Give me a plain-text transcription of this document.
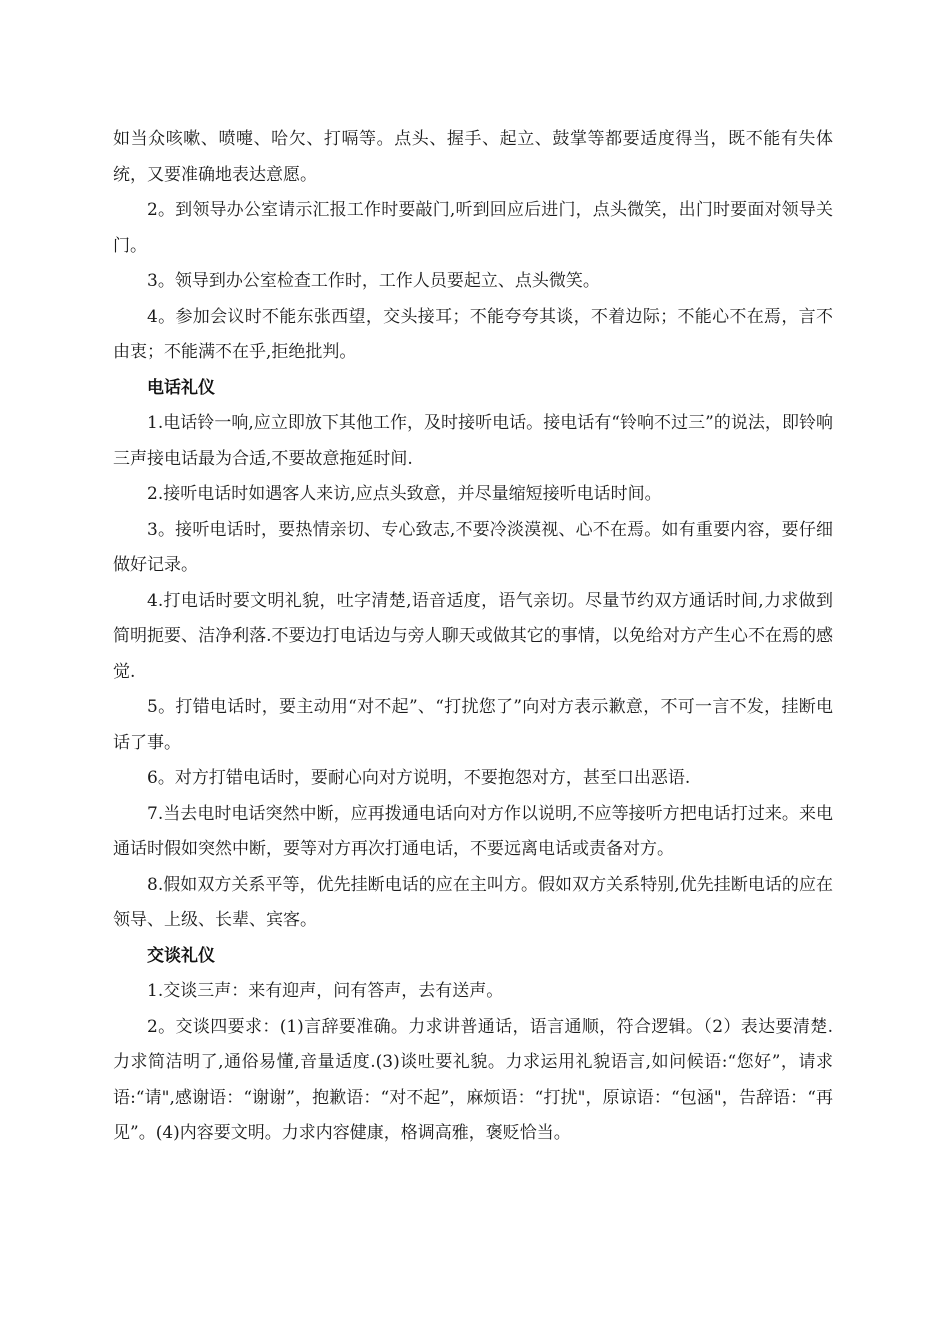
如当众咳嗽、喷嚏、哈欠、打嗝等。点头、握手、起立、鼓掌等都要适度得当，既不能有失体统，又要准确地表达意愿。

2。到领导办公室请示汇报工作时要敲门,听到回应后进门，点头微笑，出门时要面对领导关门。

3。领导到办公室检查工作时，工作人员要起立、点头微笑。

4。参加会议时不能东张西望，交头接耳；不能夸夸其谈，不着边际；不能心不在焉，言不由衷；不能满不在乎,拒绝批判。

电话礼仪

1.电话铃一响,应立即放下其他工作，及时接听电话。接电话有“铃响不过三”的说法，即铃响三声接电话最为合适,不要故意拖延时间.

2.接听电话时如遇客人来访,应点头致意，并尽量缩短接听电话时间。

3。接听电话时，要热情亲切、专心致志,不要冷淡漠视、心不在焉。如有重要内容，要仔细做好记录。

4.打电话时要文明礼貌，吐字清楚,语音适度，语气亲切。尽量节约双方通话时间,力求做到简明扼要、洁净利落.不要边打电话边与旁人聊天或做其它的事情，以免给对方产生心不在焉的感觉.

5。打错电话时，要主动用“对不起”、“打扰您了”向对方表示歉意，不可一言不发，挂断电话了事。

6。对方打错电话时，要耐心向对方说明，不要抱怨对方，甚至口出恶语.

7.当去电时电话突然中断，应再拨通电话向对方作以说明,不应等接听方把电话打过来。来电通话时假如突然中断，要等对方再次打通电话，不要远离电话或责备对方。

8.假如双方关系平等，优先挂断电话的应在主叫方。假如双方关系特别,优先挂断电话的应在领导、上级、长辈、宾客。

交谈礼仪

1.交谈三声：来有迎声，问有答声，去有送声。

2。交谈四要求：(1)言辞要准确。力求讲普通话，语言通顺，符合逻辑。（2）表达要清楚.力求简洁明了,通俗易懂,音量适度.(3)谈吐要礼貌。力求运用礼貌语言,如问候语:“您好”，请求语:“请",感谢语：“谢谢”，抱歉语：“对不起”，麻烦语：“打扰"，原谅语：“包涵"，告辞语：“再见”。(4)内容要文明。力求内容健康，格调高雅，褒贬恰当。
